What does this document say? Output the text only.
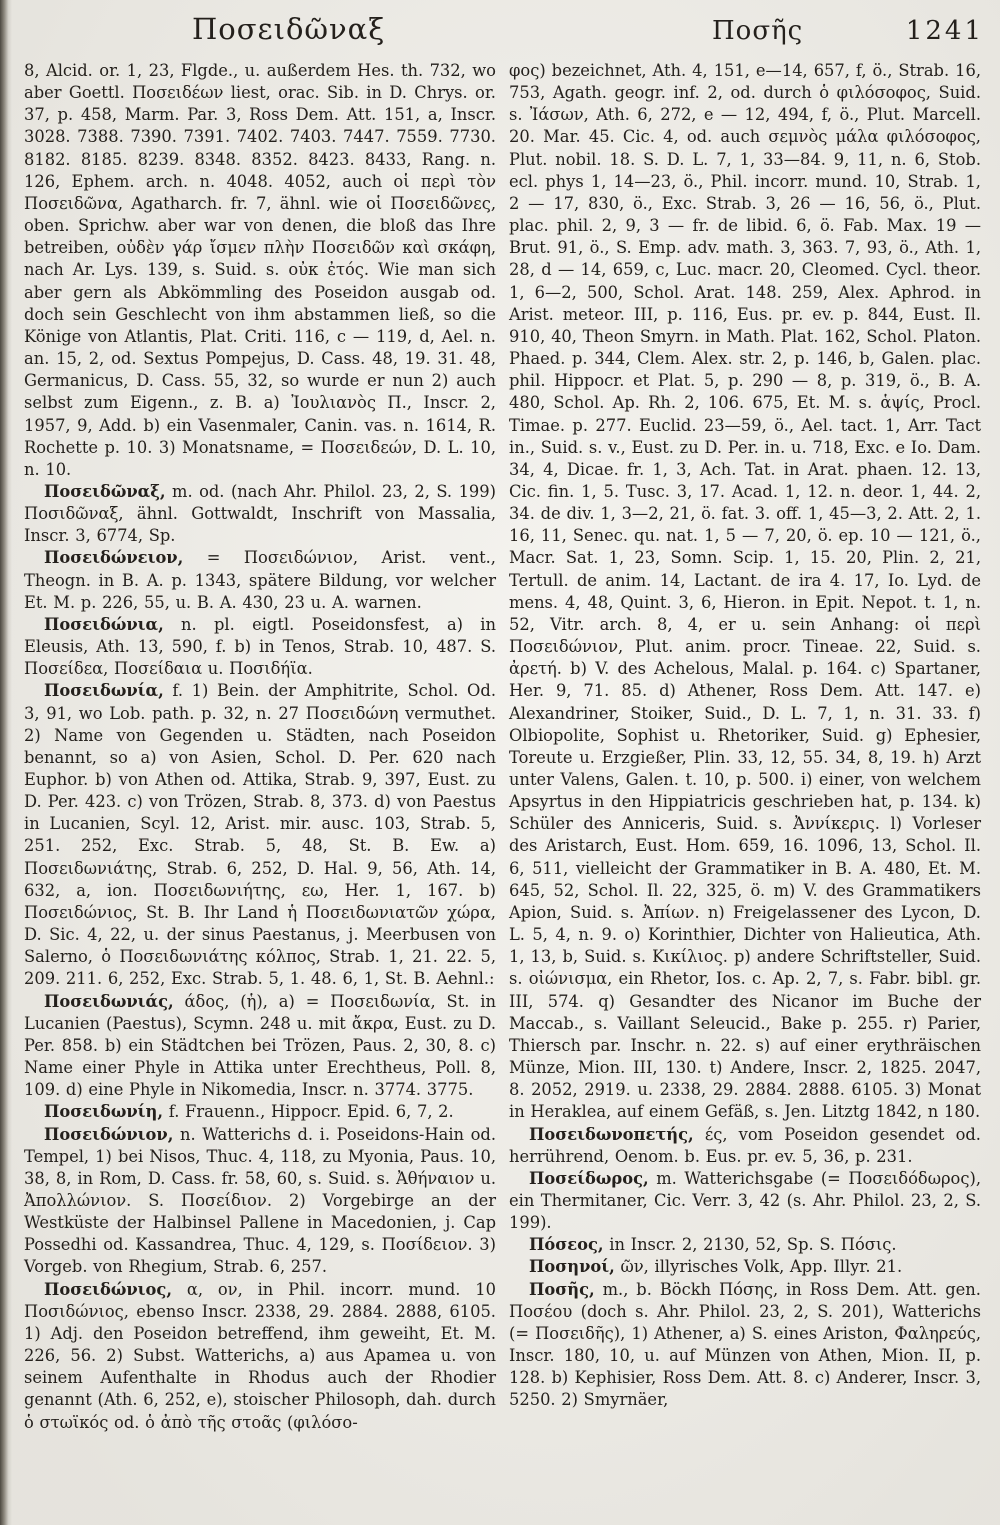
Ποσειδῶναξ	Ποσῆς	1241

8, Alcid. or. 1, 23, Flgde., u. außerdem Hes. th. 732, wo aber Goettl. Ποσειδέων liest, orac. Sib. in D. Chrys. or. 37, p. 458, Marm. Par. 3, Ross Dem. Att. 151, a, Inscr. 3028. 7388. 7390. 7391. 7402. 7403. 7447. 7559. 7730. 8182. 8185. 8239. 8348. 8352. 8423. 8433, Rang. n. 126, Ephem. arch. n. 4048. 4052, auch οἱ περὶ τὸν Ποσειδῶνα, Agatharch. fr. 7, ähnl. wie οἱ Ποσειδῶνες, oben. Sprichw. aber war von denen, die bloß das Ihre betreiben, οὐδὲν γάρ ἴσμεν πλὴν Ποσειδῶν καὶ σκάφη, nach Ar. Lys. 139, s. Suid. s. οὐκ ἐτός. Wie man sich aber gern als Abkömmling des Poseidon ausgab od. doch sein Geschlecht von ihm abstammen ließ, so die Könige von Atlantis, Plat. Criti. 116, c — 119, d, Ael. n. an. 15, 2, od. Sextus Pompejus, D. Cass. 48, 19. 31. 48, Germanicus, D. Cass. 55, 32, so wurde er nun 2) auch selbst zum Eigenn., z. B. a) Ἰουλιανὸς Π., Inscr. 2, 1957, 9, Add. b) ein Vasenmaler, Canin. vas. n. 1614, R. Rochette p. 10. 3) Monatsname, = Ποσειδεών, D. L. 10, n. 10.

Ποσειδῶναξ, m. od. (nach Ahr. Philol. 23, 2, S. 199) Ποσιδῶναξ, ähnl. Gottwaldt, Inschrift von Massalia, Inscr. 3, 6774, Sp.

Ποσειδώνειον, = Ποσειδώνιον, Arist. vent., Theogn. in B. A. p. 1343, spätere Bildung, vor welcher Et. M. p. 226, 55, u. B. A. 430, 23 u. A. warnen.

Ποσειδώνια, n. pl. eigtl. Poseidonsfest, a) in Eleusis, Ath. 13, 590, f. b) in Tenos, Strab. 10, 487. S. Ποσείδεα, Ποσείδαια u. Ποσιδήϊα.

Ποσειδωνία, f. 1) Bein. der Amphitrite, Schol. Od. 3, 91, wo Lob. path. p. 32, n. 27 Ποσειδώνη vermuthet. 2) Name von Gegenden u. Städten, nach Poseidon benannt, so a) von Asien, Schol. D. Per. 620 nach Euphor. b) von Athen od. Attika, Strab. 9, 397, Eust. zu D. Per. 423. c) von Trözen, Strab. 8, 373. d) von Paestus in Lucanien, Scyl. 12, Arist. mir. ausc. 103, Strab. 5, 251. 252, Exc. Strab. 5, 48, St. B. Ew. a) Ποσειδωνιάτης, Strab. 6, 252, D. Hal. 9, 56, Ath. 14, 632, a, ion. Ποσειδωνιήτης, εω, Her. 1, 167. b) Ποσειδώνιος, St. B. Ihr Land ἡ Ποσειδωνιατῶν χώρα, D. Sic. 4, 22, u. der sinus Paestanus, j. Meerbusen von Salerno, ὁ Ποσειδωνιάτης κόλπος, Strab. 1, 21. 22. 5, 209. 211. 6, 252, Exc. Strab. 5, 1. 48. 6, 1, St. B. Aehnl.:

Ποσειδωνιάς, άδος, (ἡ), a) = Ποσειδωνία, St. in Lucanien (Paestus), Scymn. 248 u. mit ἄκρα, Eust. zu D. Per. 858. b) ein Städtchen bei Trözen, Paus. 2, 30, 8. c) Name einer Phyle in Attika unter Erechtheus, Poll. 8, 109. d) eine Phyle in Nikomedia, Inscr. n. 3774. 3775.

Ποσειδωνίη, f. Frauenn., Hippocr. Epid. 6, 7, 2.

Ποσειδώνιον, n. Watterichs d. i. Poseidons-Hain od. Tempel, 1) bei Nisos, Thuc. 4, 118, zu Myonia, Paus. 10, 38, 8, in Rom, D. Cass. fr. 58, 60, s. Suid. s. Ἀθήναιον u. Ἀπολλώνιον. S. Ποσείδιον. 2) Vorgebirge an der Westküste der Halbinsel Pallene in Macedonien, j. Cap Possedhi od. Kassandrea, Thuc. 4, 129, s. Ποσίδειον. 3) Vorgeb. von Rhegium, Strab. 6, 257.

Ποσειδώνιος, α, ον, in Phil. incorr. mund. 10 Ποσιδώνιος, ebenso Inscr. 2338, 29. 2884. 2888, 6105. 1) Adj. den Poseidon betreffend, ihm geweiht, Et. M. 226, 56. 2) Subst. Watterichs, a) aus Apamea u. von seinem Aufenthalte in Rhodus auch der Rhodier genannt (Ath. 6, 252, e), stoischer Philosoph, dah. durch ὁ στωϊκός od. ὁ ἀπὸ τῆς στοᾶς (φιλόσο-

φος) bezeichnet, Ath. 4, 151, e—14, 657, f, ö., Strab. 16, 753, Agath. geogr. inf. 2, od. durch ὁ φιλόσοφος, Suid. s. Ἰάσων, Ath. 6, 272, e — 12, 494, f, ö., Plut. Marcell. 20. Mar. 45. Cic. 4, od. auch σεμνὸς μάλα φιλόσοφος, Plut. nobil. 18. S. D. L. 7, 1, 33—84. 9, 11, n. 6, Stob. ecl. phys 1, 14—23, ö., Phil. incorr. mund. 10, Strab. 1, 2 — 17, 830, ö., Exc. Strab. 3, 26 — 16, 56, ö., Plut. plac. phil. 2, 9, 3 — fr. de libid. 6, ö. Fab. Max. 19 — Brut. 91, ö., S. Emp. adv. math. 3, 363. 7, 93, ö., Ath. 1, 28, d — 14, 659, c, Luc. macr. 20, Cleomed. Cycl. theor. 1, 6—2, 500, Schol. Arat. 148. 259, Alex. Aphrod. in Arist. meteor. III, p. 116, Eus. pr. ev. p. 844, Eust. Il. 910, 40, Theon Smyrn. in Math. Plat. 162, Schol. Platon. Phaed. p. 344, Clem. Alex. str. 2, p. 146, b, Galen. plac. phil. Hippocr. et Plat. 5, p. 290 — 8, p. 319, ö., B. A. 480, Schol. Ap. Rh. 2, 106. 675, Et. M. s. ἁψίς, Procl. Timae. p. 277. Euclid. 23—59, ö., Ael. tact. 1, Arr. Tact in., Suid. s. v., Eust. zu D. Per. in. u. 718, Exc. e Io. Dam. 34, 4, Dicae. fr. 1, 3, Ach. Tat. in Arat. phaen. 12. 13, Cic. fin. 1, 5. Tusc. 3, 17. Acad. 1, 12. n. deor. 1, 44. 2, 34. de div. 1, 3—2, 21, ö. fat. 3. off. 1, 45—3, 2. Att. 2, 1. 16, 11, Senec. qu. nat. 1, 5 — 7, 20, ö. ep. 10 — 121, ö., Macr. Sat. 1, 23, Somn. Scip. 1, 15. 20, Plin. 2, 21, Tertull. de anim. 14, Lactant. de ira 4. 17, Io. Lyd. de mens. 4, 48, Quint. 3, 6, Hieron. in Epit. Nepot. t. 1, n. 52, Vitr. arch. 8, 4, er u. sein Anhang: οἱ περὶ Ποσειδώνιον, Plut. anim. procr. Tineae. 22, Suid. s. ἀρετή. b) V. des Achelous, Malal. p. 164. c) Spartaner, Her. 9, 71. 85. d) Athener, Ross Dem. Att. 147. e) Alexandriner, Stoiker, Suid., D. L. 7, 1, n. 31. 33. f) Olbiopolite, Sophist u. Rhetoriker, Suid. g) Ephesier, Toreute u. Erzgießer, Plin. 33, 12, 55. 34, 8, 19. h) Arzt unter Valens, Galen. t. 10, p. 500. i) einer, von welchem Apsyrtus in den Hippiatricis geschrieben hat, p. 134. k) Schüler des Anniceris, Suid. s. Ἀννίκερις. l) Vorleser des Aristarch, Eust. Hom. 659, 16. 1096, 13, Schol. Il. 6, 511, vielleicht der Grammatiker in B. A. 480, Et. M. 645, 52, Schol. Il. 22, 325, ö. m) V. des Grammatikers Apion, Suid. s. Ἀπίων. n) Freigelassener des Lycon, D. L. 5, 4, n. 9. o) Korinthier, Dichter von Halieutica, Ath. 1, 13, b, Suid. s. Κικίλιος. p) andere Schriftsteller, Suid. s. οἰώνισμα, ein Rhetor, Ios. c. Ap. 2, 7, s. Fabr. bibl. gr. III, 574. q) Gesandter des Nicanor im Buche der Maccab., s. Vaillant Seleucid., Bake p. 255. r) Parier, Thiersch par. Inschr. n. 22. s) auf einer erythräischen Münze, Mion. III, 130. t) Andere, Inscr. 2, 1825. 2047, 8. 2052, 2919. u. 2338, 29. 2884. 2888. 6105. 3) Monat in Heraklea, auf einem Gefäß, s. Jen. Litztg 1842, n 180.

Ποσειδωνοπετής, ές, vom Poseidon gesendet od. herrührend, Oenom. b. Eus. pr. ev. 5, 36, p. 231.

Ποσείδωρος, m. Watterichsgabe (= Ποσειδόδωρος), ein Thermitaner, Cic. Verr. 3, 42 (s. Ahr. Philol. 23, 2, S. 199).

Πόσεος, in Inscr. 2, 2130, 52, Sp. S. Πόσις.

Ποσηνοί, ῶν, illyrisches Volk, App. Illyr. 21.

Ποσῆς, m., b. Böckh Πόσης, in Ross Dem. Att. gen. Ποσέου (doch s. Ahr. Philol. 23, 2, S. 201), Watterichs (= Ποσειδῆς), 1) Athener, a) S. eines Ariston, Φαληρεύς, Inscr. 180, 10, u. auf Münzen von Athen, Mion. II, p. 128. b) Kephisier, Ross Dem. Att. 8. c) Anderer, Inscr. 3, 5250. 2) Smyrnäer,
